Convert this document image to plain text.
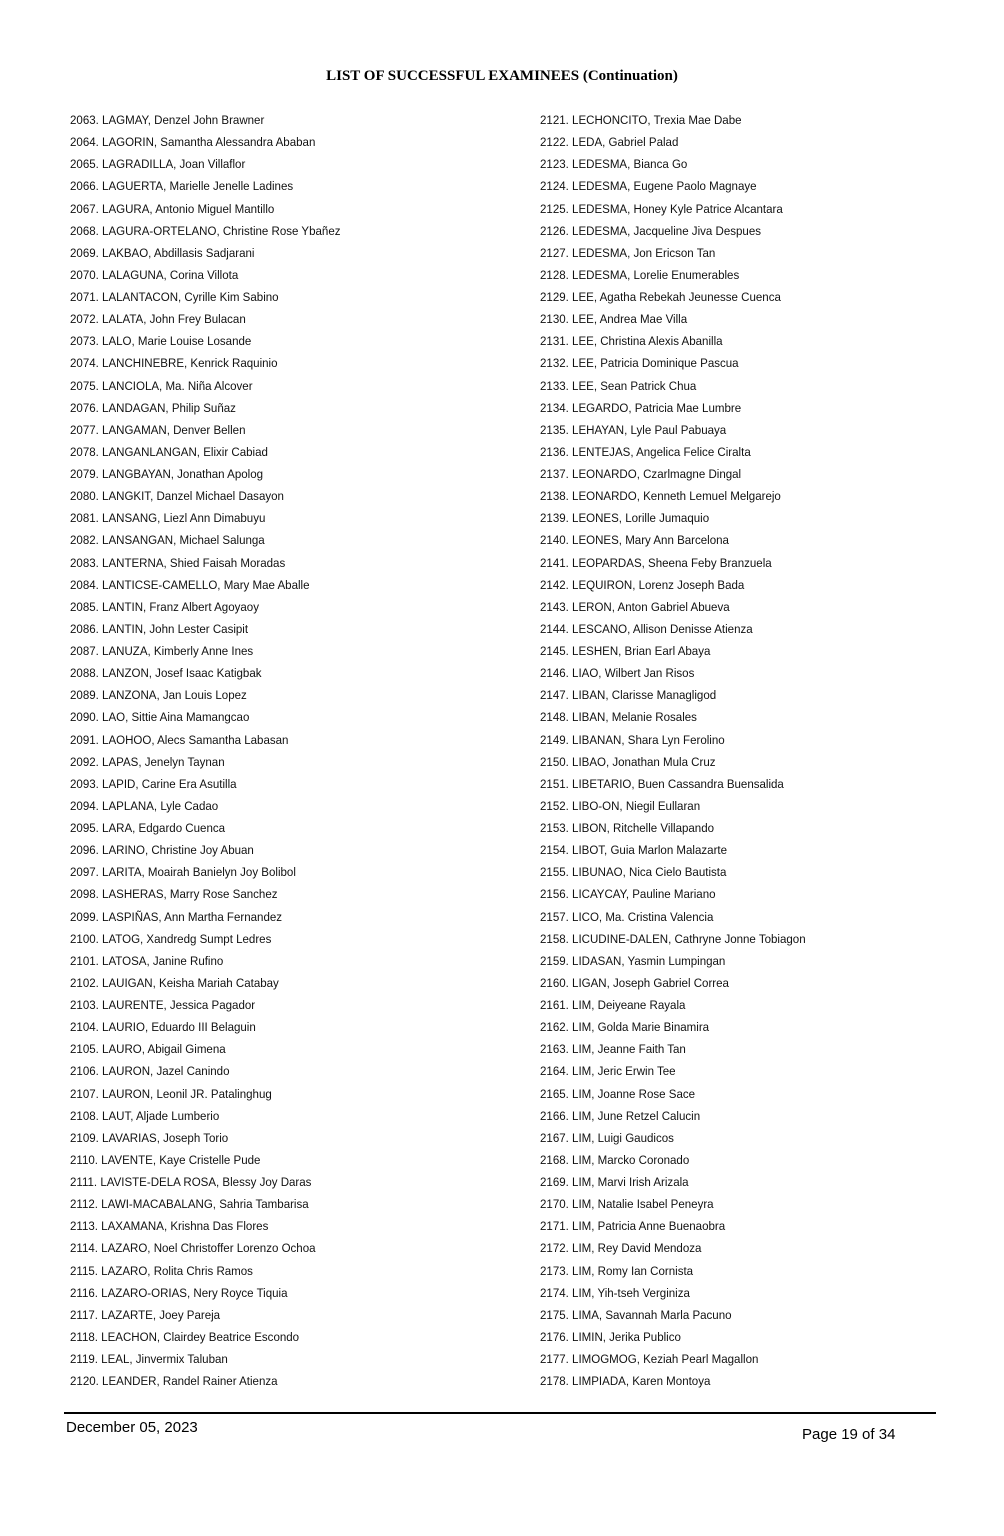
LIST OF SUCCESSFUL EXAMINEES (Continuation)
2063. LAGMAY, Denzel John Brawner
2064. LAGORIN, Samantha Alessandra Ababan
2065. LAGRADILLA, Joan Villaflor
2066. LAGUERTA, Marielle Jenelle Ladines
2067. LAGURA, Antonio Miguel Mantillo
2068. LAGURA-ORTELANO, Christine Rose Ybañez
2069. LAKBAO, Abdillasis Sadjarani
2070. LALAGUNA, Corina Villota
2071. LALANTACON, Cyrille Kim Sabino
2072. LALATA, John Frey Bulacan
2073. LALO, Marie Louise Losande
2074. LANCHINEBRE, Kenrick Raquinio
2075. LANCIOLA, Ma. Niña Alcover
2076. LANDAGAN, Philip Suñaz
2077. LANGAMAN, Denver Bellen
2078. LANGANLANGAN, Elixir Cabiad
2079. LANGBAYAN, Jonathan Apolog
2080. LANGKIT, Danzel Michael Dasayon
2081. LANSANG, Liezl Ann Dimabuyu
2082. LANSANGAN, Michael Salunga
2083. LANTERNA, Shied Faisah Moradas
2084. LANTICSE-CAMELLO, Mary Mae Aballe
2085. LANTIN, Franz Albert Agoyaoy
2086. LANTIN, John Lester Casipit
2087. LANUZA, Kimberly Anne Ines
2088. LANZON, Josef Isaac Katigbak
2089. LANZONA, Jan Louis Lopez
2090. LAO, Sittie Aina Mamangcao
2091. LAOHOO, Alecs Samantha Labasan
2092. LAPAS, Jenelyn Taynan
2093. LAPID, Carine Era Asutilla
2094. LAPLANA, Lyle Cadao
2095. LARA, Edgardo Cuenca
2096. LARINO, Christine Joy Abuan
2097. LARITA, Moairah Banielyn Joy Bolibol
2098. LASHERAS, Marry Rose Sanchez
2099. LASPIÑAS, Ann Martha Fernandez
2100. LATOG, Xandredg Sumpt Ledres
2101. LATOSA, Janine Rufino
2102. LAUIGAN, Keisha Mariah Catabay
2103. LAURENTE, Jessica Pagador
2104. LAURIO, Eduardo III Belaguin
2105. LAURO, Abigail Gimena
2106. LAURON, Jazel Canindo
2107. LAURON, Leonil JR. Patalinghug
2108. LAUT, Aljade Lumberio
2109. LAVARIAS, Joseph Torio
2110. LAVENTE, Kaye Cristelle Pude
2111. LAVISTE-DELA ROSA, Blessy Joy Daras
2112. LAWI-MACABALANG, Sahria Tambarisa
2113. LAXAMANA, Krishna Das Flores
2114. LAZARO, Noel Christoffer Lorenzo Ochoa
2115. LAZARO, Rolita Chris Ramos
2116. LAZARO-ORIAS, Nery Royce Tiquia
2117. LAZARTE, Joey Pareja
2118. LEACHON, Clairdey Beatrice Escondo
2119. LEAL, Jinvermix Taluban
2120. LEANDER, Randel Rainer Atienza
2121. LECHONCITO, Trexia Mae Dabe
2122. LEDA, Gabriel Palad
2123. LEDESMA, Bianca Go
2124. LEDESMA, Eugene Paolo Magnaye
2125. LEDESMA, Honey Kyle Patrice Alcantara
2126. LEDESMA, Jacqueline Jiva Despues
2127. LEDESMA, Jon Ericson Tan
2128. LEDESMA, Lorelie Enumerables
2129. LEE, Agatha Rebekah Jeunesse Cuenca
2130. LEE, Andrea Mae Villa
2131. LEE, Christina Alexis Abanilla
2132. LEE, Patricia Dominique Pascua
2133. LEE, Sean Patrick Chua
2134. LEGARDO, Patricia Mae Lumbre
2135. LEHAYAN, Lyle Paul Pabuaya
2136. LENTEJAS, Angelica Felice Ciralta
2137. LEONARDO, Czarlmagne Dingal
2138. LEONARDO, Kenneth Lemuel Melgarejo
2139. LEONES, Lorille Jumaquio
2140. LEONES, Mary Ann Barcelona
2141. LEOPARDAS, Sheena Feby Branzuela
2142. LEQUIRON, Lorenz Joseph Bada
2143. LERON, Anton Gabriel Abueva
2144. LESCANO, Allison Denisse Atienza
2145. LESHEN, Brian Earl Abaya
2146. LIAO, Wilbert Jan Risos
2147. LIBAN, Clarisse Managligod
2148. LIBAN, Melanie Rosales
2149. LIBANAN, Shara Lyn Ferolino
2150. LIBAO, Jonathan Mula Cruz
2151. LIBETARIO, Buen Cassandra Buensalida
2152. LIBO-ON, Niegil Eullaran
2153. LIBON, Ritchelle Villapando
2154. LIBOT, Guia Marlon Malazarte
2155. LIBUNAO, Nica Cielo Bautista
2156. LICAYCAY, Pauline Mariano
2157. LICO, Ma. Cristina Valencia
2158. LICUDINE-DALEN, Cathryne Jonne Tobiagon
2159. LIDASAN, Yasmin Lumpingan
2160. LIGAN, Joseph Gabriel Correa
2161. LIM, Deiyeane Rayala
2162. LIM, Golda Marie Binamira
2163. LIM, Jeanne Faith Tan
2164. LIM, Jeric Erwin Tee
2165. LIM, Joanne Rose Sace
2166. LIM, June Retzel Calucin
2167. LIM, Luigi Gaudicos
2168. LIM, Marcko Coronado
2169. LIM, Marvi Irish Arizala
2170. LIM, Natalie Isabel Peneyra
2171. LIM, Patricia Anne Buenaobra
2172. LIM, Rey David Mendoza
2173. LIM, Romy Ian Cornista
2174. LIM, Yih-tseh Verginiza
2175. LIMA, Savannah Marla Pacuno
2176. LIMIN, Jerika Publico
2177. LIMOGMOG, Keziah Pearl Magallon
2178. LIMPIADA, Karen Montoya
December 05, 2023	Page 19 of 34
